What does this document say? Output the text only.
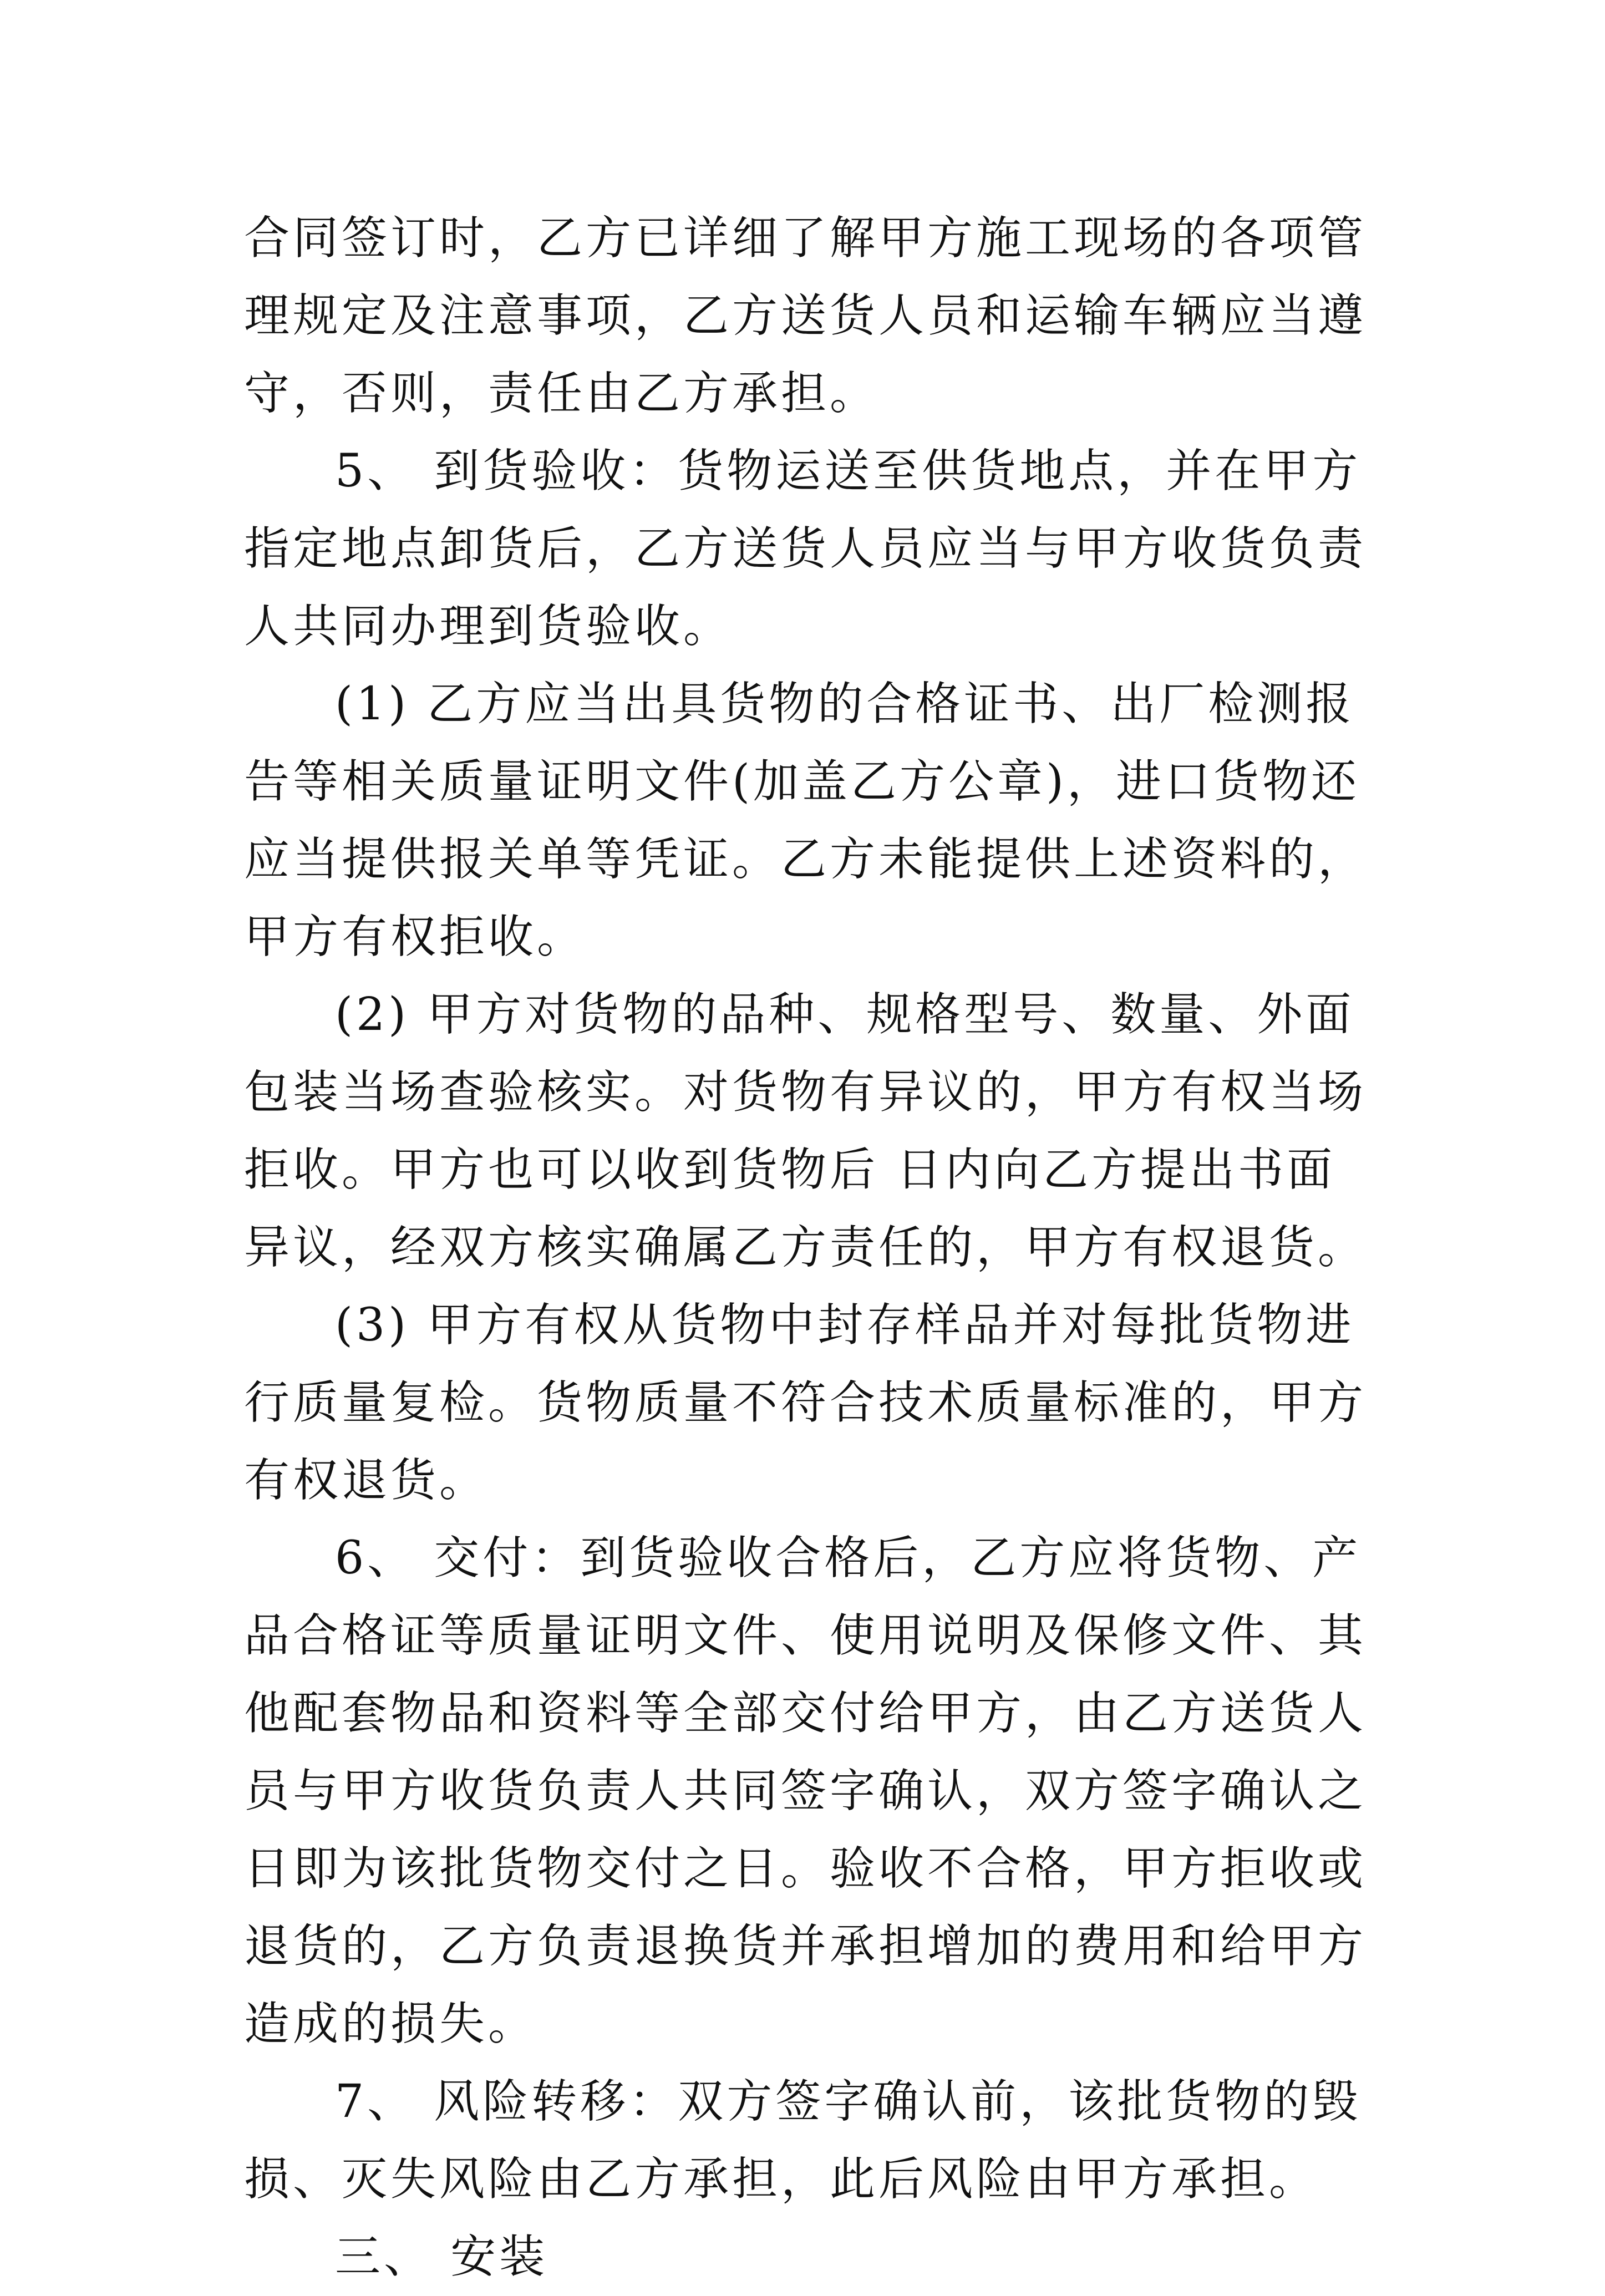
合同签订时，乙方已详细了解甲方施工现场的各项管理规定及注意事项，乙方送货人员和运输车辆应当遵守，否则，责任由乙方承担。

5、 到货验收：货物运送至供货地点，并在甲方指定地点卸货后，乙方送货人员应当与甲方收货负责人共同办理到货验收。

(1) 乙方应当出具货物的合格证书、出厂检测报告等相关质量证明文件(加盖乙方公章)，进口货物还应当提供报关单等凭证。乙方未能提供上述资料的，甲方有权拒收。

(2) 甲方对货物的品种、规格型号、数量、外面包装当场查验核实。对货物有异议的，甲方有权当场拒收。甲方也可以收到货物后 日内向乙方提出书面异议，经双方核实确属乙方责任的，甲方有权退货。

(3) 甲方有权从货物中封存样品并对每批货物进行质量复检。货物质量不符合技术质量标准的，甲方有权退货。

6、 交付：到货验收合格后，乙方应将货物、产品合格证等质量证明文件、使用说明及保修文件、其他配套物品和资料等全部交付给甲方，由乙方送货人员与甲方收货负责人共同签字确认，双方签字确认之日即为该批货物交付之日。验收不合格，甲方拒收或退货的，乙方负责退换货并承担增加的费用和给甲方造成的损失。

7、 风险转移：双方签字确认前，该批货物的毁损、灭失风险由乙方承担，此后风险由甲方承担。

三、 安装
